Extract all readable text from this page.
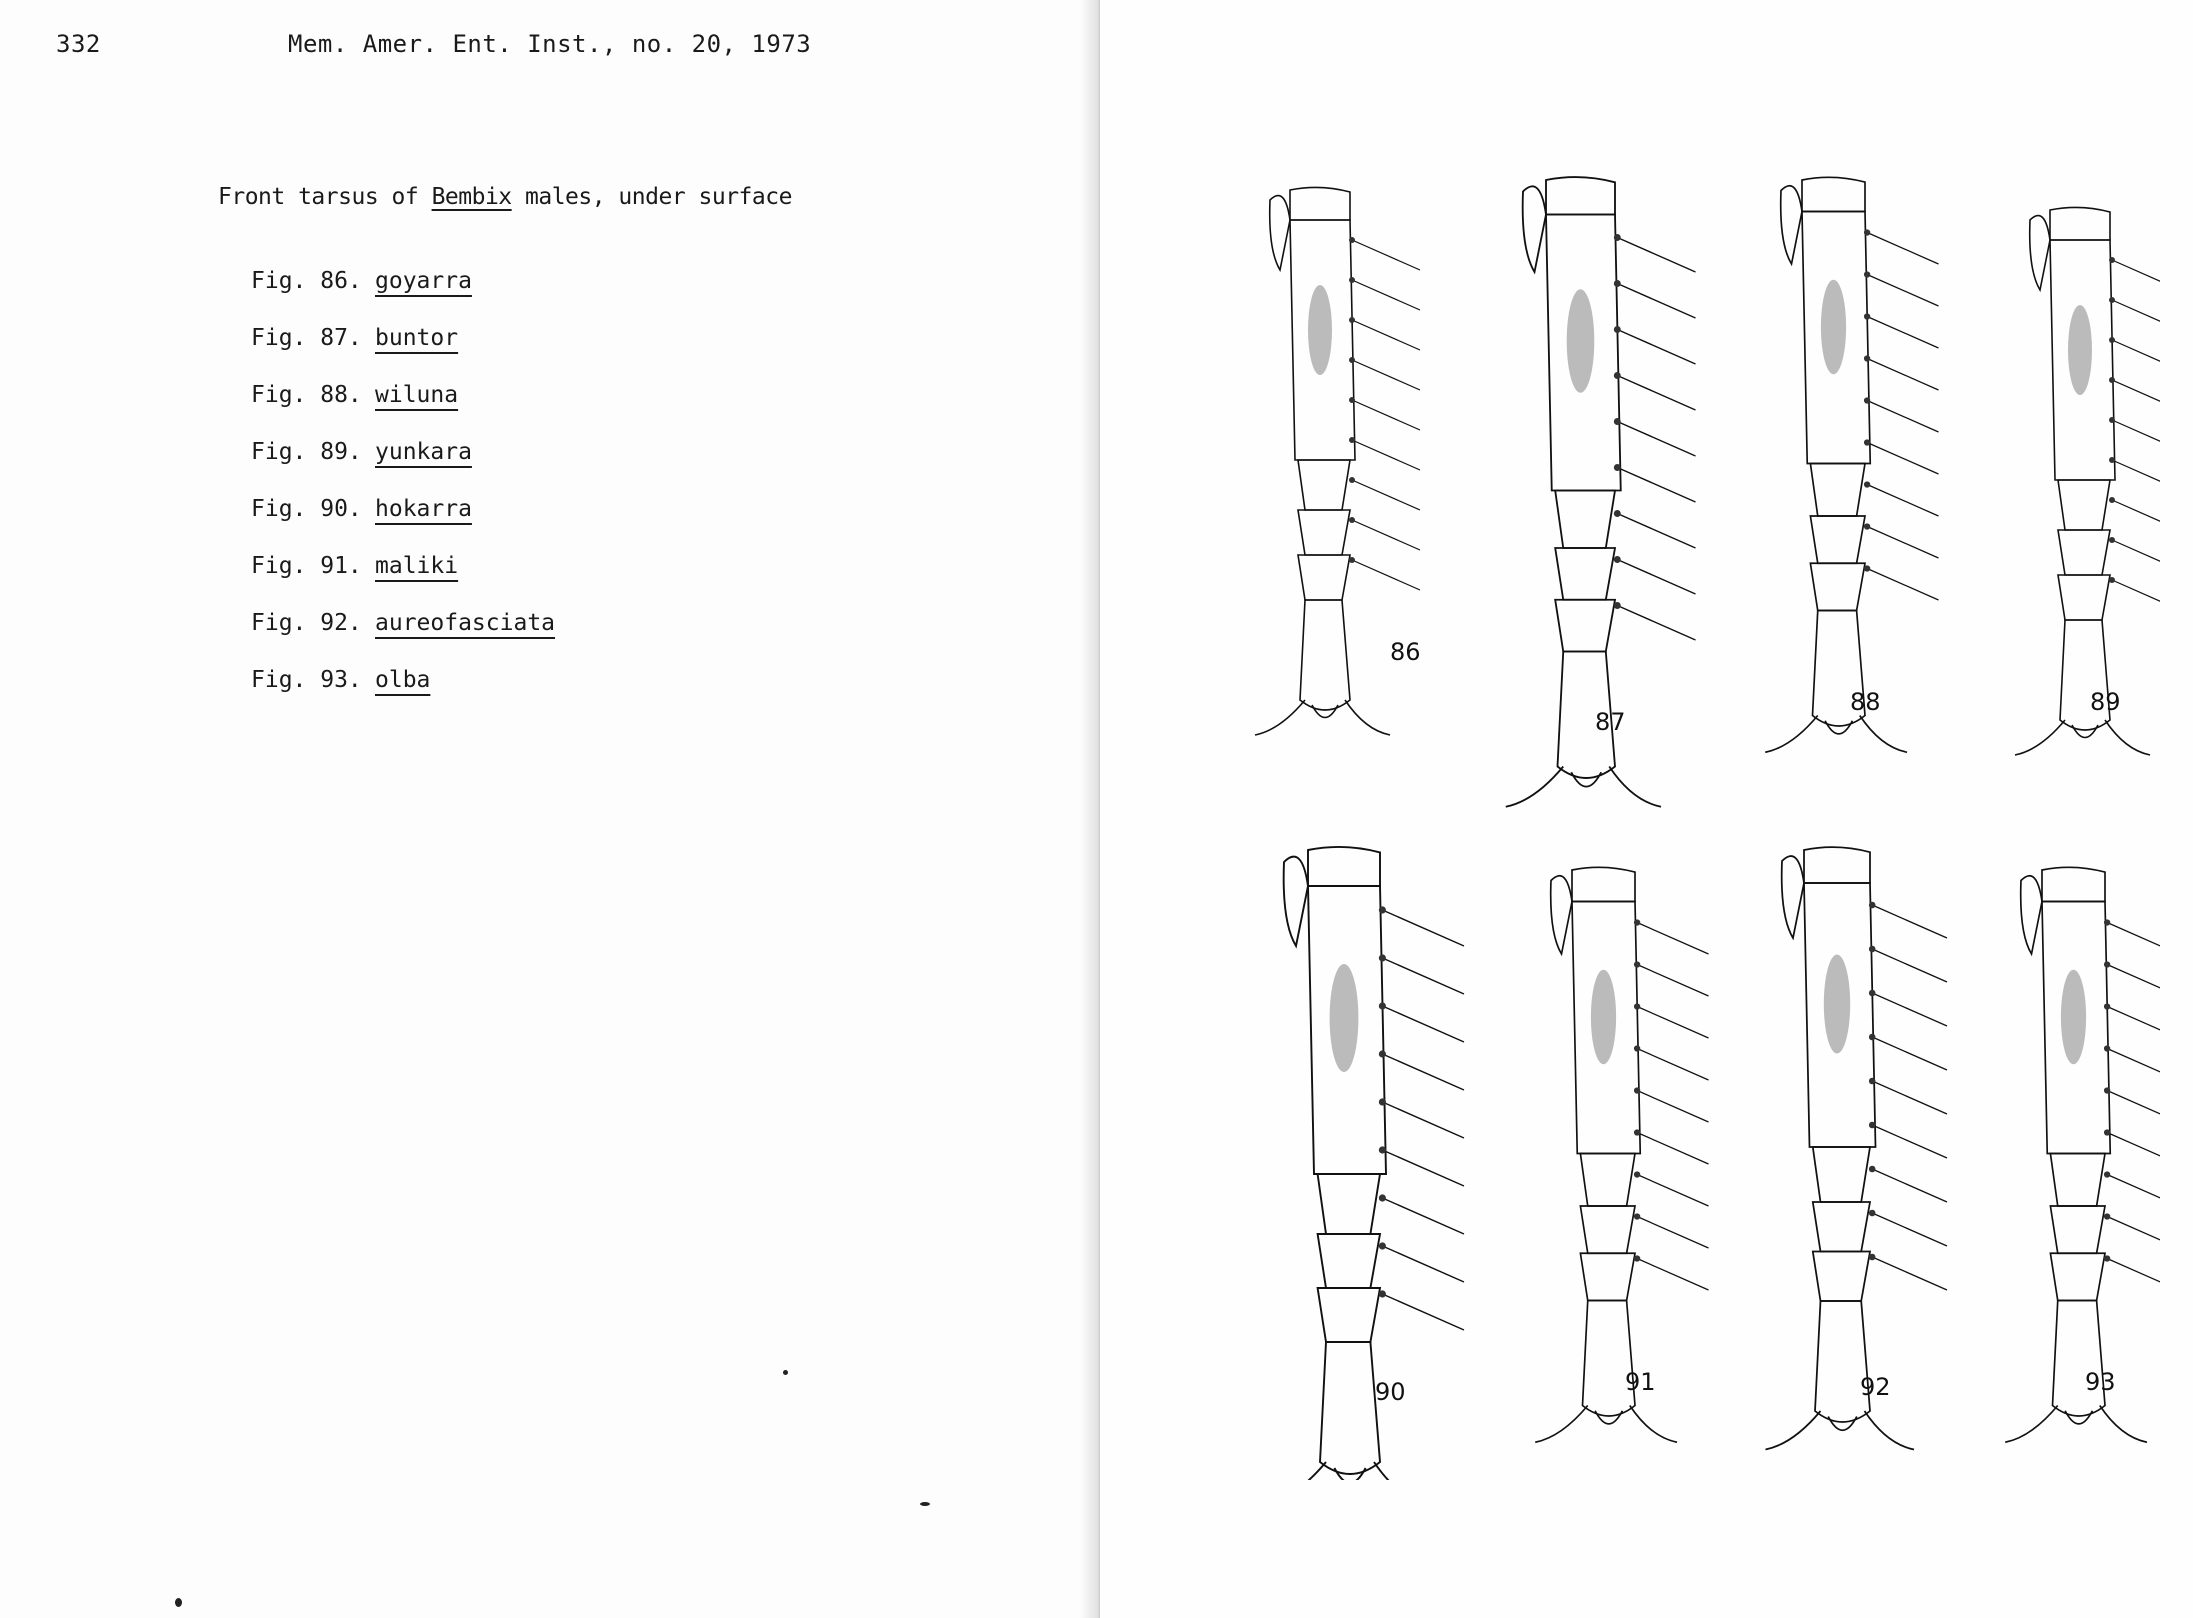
332	Mem. Amer. Ent. Inst., no. 20, 1973
Front tarsus of Bembix males, under surface
Fig. 86. goyarra
Fig. 87. buntor
Fig. 88. wiluna
Fig. 89. yunkara
Fig. 90. hokarra
Fig. 91. maliki
Fig. 92. aureofasciata
Fig. 93. olba
86
87
88	89
90	91	92	93
